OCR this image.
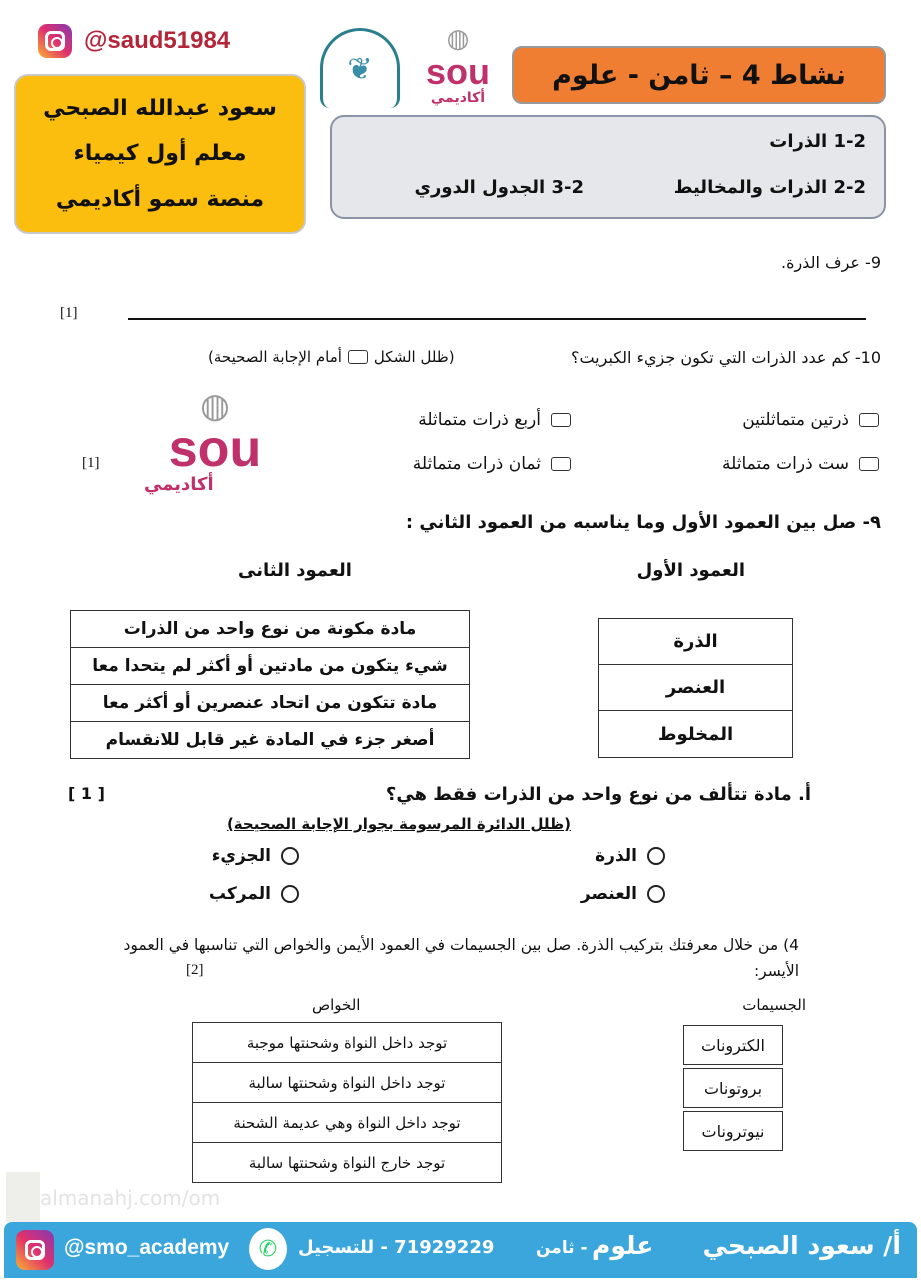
@saud51984
سعود عبدالله الصبحي
معلم أول كيمياء
منصة سمو أكاديمي
❦
◍
sou
أكاديمي
نشاط 4 – ثامن - علوم
1-2 الذرات
2-2 الذرات والمخاليط
3-2 الجدول الدوري
9- عرف الذرة.
[1]
10- كم عدد الذرات التي تكون جزيء الكبريت؟
(ظلل الشكل
أمام الإجابة الصحيحة)
ذرتين متماثلتين
أربع ذرات متماثلة
ست ذرات متماثلة
ثمان ذرات متماثلة
[1]
◍
sou
أكاديمي
٩- صل بين العمود الأول وما يناسبه من العمود الثاني :
العمود الأول
العمود الثانى
الذرة
العنصر
المخلوط
مادة مكونة من نوع واحد من الذرات
شيء يتكون من مادتين أو أكثر لم يتحدا معا
مادة تتكون من اتحاد عنصرين أو أكثر معا
أصغر جزء في المادة غير قابل للانقسام
أ. مادة تتألف من نوع واحد من الذرات فقط هي؟
[ 1 ]
(ظلل الدائرة المرسومة بجوار الإجابة الصحيحة)
الذرة
الجزيء
العنصر
المركب
4) من خلال معرفتك بتركيب الذرة. صل بين الجسيمات في العمود الأيمن والخواص التي تناسبها في العمود الأيسر:
[2]
الجسيمات
الخواص
الكترونات
بروتونات
نيوترونات
توجد داخل النواة وشحنتها موجبة
توجد داخل النواة وشحنتها سالبة
توجد داخل النواة وهي عديمة الشحنة
توجد خارج النواة وشحنتها سالبة
almanahj.com/om
@smo_academy	✆	71929229 - للتسجيل - ثامن علوم أ/ سعود الصبحي
